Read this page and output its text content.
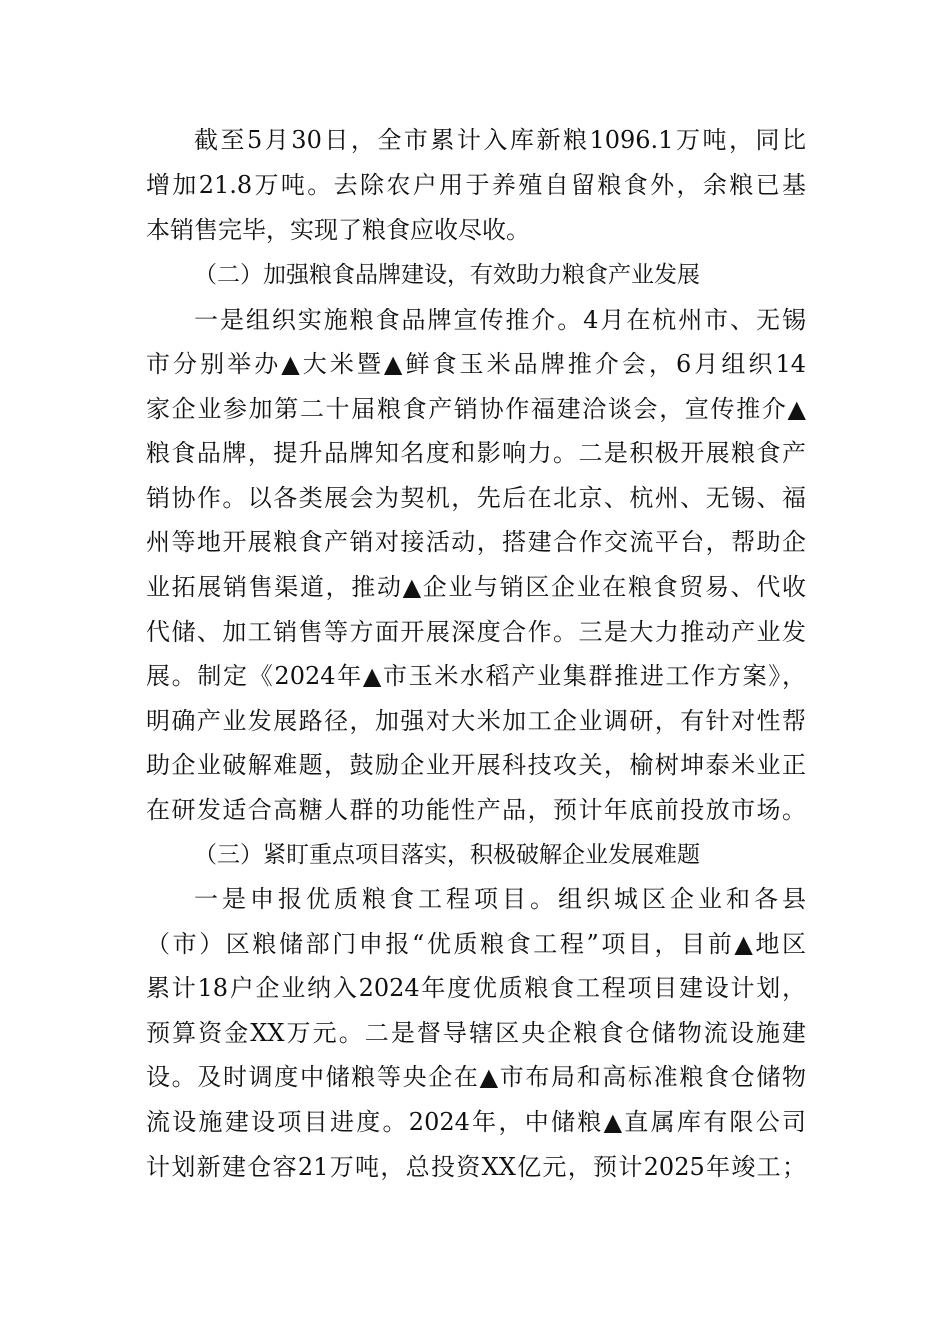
截至5月30日，全市累计入库新粮1096.1万吨，同比
增加21.8万吨。去除农户用于养殖自留粮食外，余粮已基
本销售完毕，实现了粮食应收尽收。
（二）加强粮食品牌建设，有效助力粮食产业发展
一是组织实施粮食品牌宣传推介。4月在杭州市、无锡
市分别举办▲大米暨▲鲜食玉米品牌推介会，6月组织14
家企业参加第二十届粮食产销协作福建洽谈会，宣传推介▲
粮食品牌，提升品牌知名度和影响力。二是积极开展粮食产
销协作。以各类展会为契机，先后在北京、杭州、无锡、福
州等地开展粮食产销对接活动，搭建合作交流平台，帮助企
业拓展销售渠道，推动▲企业与销区企业在粮食贸易、代收
代储、加工销售等方面开展深度合作。三是大力推动产业发
展。制定《2024年▲市玉米水稻产业集群推进工作方案》，
明确产业发展路径，加强对大米加工企业调研，有针对性帮
助企业破解难题，鼓励企业开展科技攻关，榆树坤泰米业正
在研发适合高糖人群的功能性产品，预计年底前投放市场。
（三）紧盯重点项目落实，积极破解企业发展难题
一是申报优质粮食工程项目。组织城区企业和各县
（市）区粮储部门申报“优质粮食工程”项目，目前▲地区
累计18户企业纳入2024年度优质粮食工程项目建设计划，
预算资金XX万元。二是督导辖区央企粮食仓储物流设施建
设。及时调度中储粮等央企在▲市布局和高标准粮食仓储物
流设施建设项目进度。2024年，中储粮▲直属库有限公司
计划新建仓容21万吨，总投资XX亿元，预计2025年竣工；
